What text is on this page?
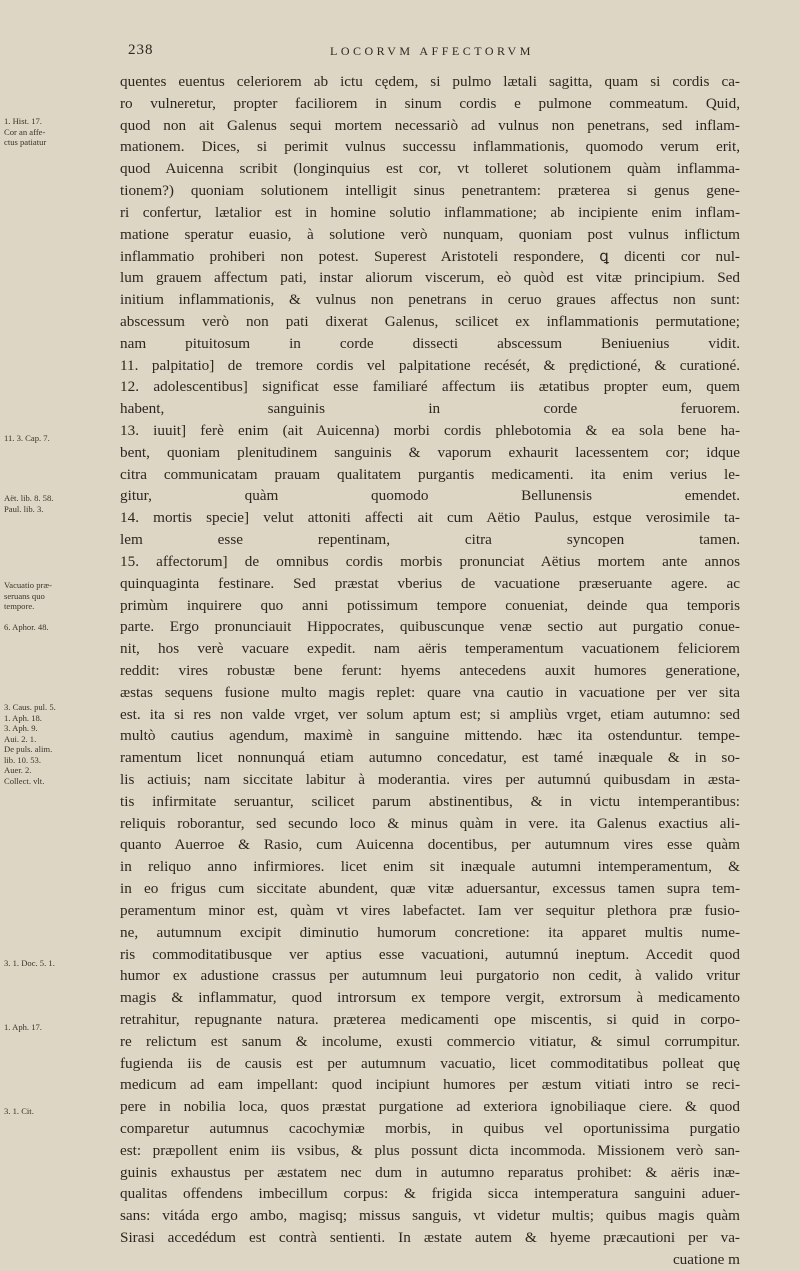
238	LOCORVM AFFECTORVM
quentes euentus celeriorem ab ictu cędem, si pulmo lætali sagitta, quam si cordis ca-
ro vulneretur, propter faciliorem in sinum cordis e pulmone commeatum. Quid,
quod non ait Galenus sequi mortem necessariò ad vulnus non penetrans, sed inflam-
mationem. Dices, si perimit vulnus successu inflammationis, quomodo verum erit,
quod Auicenna scribit (longinquius est cor, vt tolleret solutionem quàm inflamma-
tionem?) quoniam solutionem intelligit sinus penetrantem: præterea si genus gene-
ri confertur, lætalior est in homine solutio inflammatione; ab incipiente enim inflam-
matione speratur euasio, à solutione verò nunquam, quoniam post vulnus inflictum
inflammatio prohiberi non potest. Superest Aristoteli respondere, ꝗ dicenti cor nul-
lum grauem affectum pati, instar aliorum viscerum, eò quòd est vitæ principium. Sed
initium inflammationis, & vulnus non penetrans in ceruo graues affectus non sunt:
abscessum verò non pati dixerat Galenus, scilicet ex inflammationis permutatione;
nam pituitosum in corde dissecti abscessum Beniuenius vidit.
11. palpitatio] de tremore cordis vel palpitatione recését, & prędictioné, & curationé.
12. adolescentibus] significat esse familiaré affectum iis ætatibus propter eum, quem
habent, sanguinis in corde feruorem.
13. iuuit] ferè enim (ait Auicenna) morbi cordis phlebotomia & ea sola bene ha-
bent, quoniam plenitudinem sanguinis & vaporum exhaurit lacessentem cor; idque
citra communicatam prauam qualitatem purgantis medicamenti. ita enim verius le-
gitur, quàm quomodo Bellunensis emendet.
14. mortis specie] velut attoniti affecti ait cum Aëtio Paulus, estque verosimile ta-
lem esse repentinam, citra syncopen tamen.
15. affectorum] de omnibus cordis morbis pronunciat Aëtius mortem ante annos
quinquaginta festinare. Sed præstat vberius de vacuatione præseruante agere. ac
primùm inquirere quo anni potissimum tempore conueniat, deinde qua temporis
parte. Ergo pronunciauit Hippocrates, quibuscunque venæ sectio aut purgatio conue-
nit, hos verè vacuare expedit. nam aëris temperamentum vacuationem feliciorem
reddit: vires robustæ bene ferunt: hyems antecedens auxit humores generatione,
æstas sequens fusione multo magis replet: quare vna cautio in vacuatione per ver sita
est. ita si res non valde vrget, ver solum aptum est; si ampliùs vrget, etiam autumno: sed
multò cautius agendum, maximè in sanguine mittendo. hæc ita ostenduntur. tempe-
ramentum licet nonnunquá etiam autumno concedatur, est tamé inæquale & in so-
lis actiuis; nam siccitate labitur à moderantia. vires per autumnú quibusdam in æsta-
tis infirmitate seruantur, scilicet parum abstinentibus, & in victu intemperantibus:
reliquis roborantur, sed secundo loco & minus quàm in vere. ita Galenus exactius ali-
quanto Auerroe & Rasio, cum Auicenna docentibus, per autumnum vires esse quàm
in reliquo anno infirmiores. licet enim sit inæquale autumni intemperamentum, &
in eo frigus cum siccitate abundent, quæ vitæ aduersantur, excessus tamen supra tem-
peramentum minor est, quàm vt vires labefactet. Iam ver sequitur plethora præ fusio-
ne, autumnum excipit diminutio humorum concretione: ita apparet multis nume-
ris commoditatibusque ver aptius esse vacuationi, autumnú ineptum. Accedit quod
humor ex adustione crassus per autumnum leui purgatorio non cedit, à valido vritur
magis & inflammatur, quod introrsum ex tempore vergit, extrorsum à medicamento
retrahitur, repugnante natura. præterea medicamenti ope miscentis, si quid in corpo-
re relictum est sanum & incolume, exusti commercio vitiatur, & simul corrumpitur.
fugienda iis de causis est per autumnum vacuatio, licet commoditatibus polleat quę
medicum ad eam impellant: quod incipiunt humores per æstum vitiati intro se reci-
pere in nobilia loca, quos præstat purgatione ad exteriora ignobiliaque ciere. & quod
comparetur autumnus cacochymiæ morbis, in quibus vel oportunissima purgatio
est: præpollent enim iis vsibus, & plus possunt dicta incommoda. Missionem verò san-
guinis exhaustus per æstatem nec dum in autumno reparatus prohibet: & aëris inæ-
qualitas offendens imbecillum corpus: & frigida sicca intemperatura sanguini aduer-
sans: vitáda ergo ambo, magisq; missus sanguis, vt videtur multis; quibus magis quàm
Sirasi accedédum est contrà sentienti. In æstate autem & hyeme præcautioni per va-
cuatione m
1. Hist. 17.
Cor an affe-
ctus patiatur
11. 3. Cap. 7.
Aët. lib. 8. 58.
Paul. lib. 3.
Vacuatio præ-
seruans quo
tempore.
6. Aphor. 48.
3. Caus. pul. 5.
1. Aph. 18.
3. Aph. 9.
Aui. 2. 1.
De puls. alim.
lib. 10. 53.
Auer. 2.
Collect. vlt.
3. 1. Doc. 5. 1.
1. Aph. 17.
3. 1. Cit.
